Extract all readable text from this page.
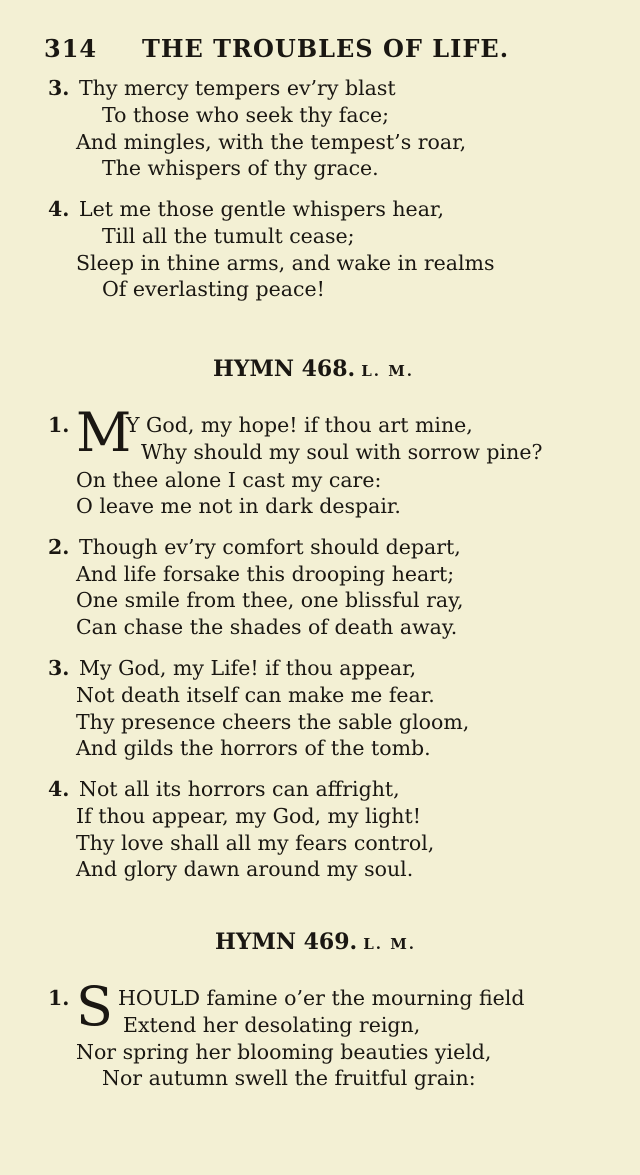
314 THE TROUBLES OF LIFE.
3. Thy mercy tempers ev’ry blast
To those who seek thy face;
And mingles, with the tempest’s roar,
The whispers of thy grace.
4. Let me those gentle whispers hear,
Till all the tumult cease;
Sleep in thine arms, and wake in realms
Of everlasting peace!
HYMN 468. L. M.
1. M
Y God, my hope! if thou art mine,
Why should my soul with sorrow pine?
On thee alone I cast my care:
O leave me not in dark despair.
2. Though ev’ry comfort should depart,
And life forsake this drooping heart;
One smile from thee, one blissful ray,
Can chase the shades of death away.
3. My God, my Life! if thou appear,
Not death itself can make me fear.
Thy presence cheers the sable gloom,
And gilds the horrors of the tomb.
4. Not all its horrors can affright,
If thou appear, my God, my light!
Thy love shall all my fears control,
And glory dawn around my soul.
HYMN 469. L. M.
1. S HOULD famine o’er the mourning field
Extend her desolating reign,
Nor spring her blooming beauties yield,
Nor autumn swell the fruitful grain:
